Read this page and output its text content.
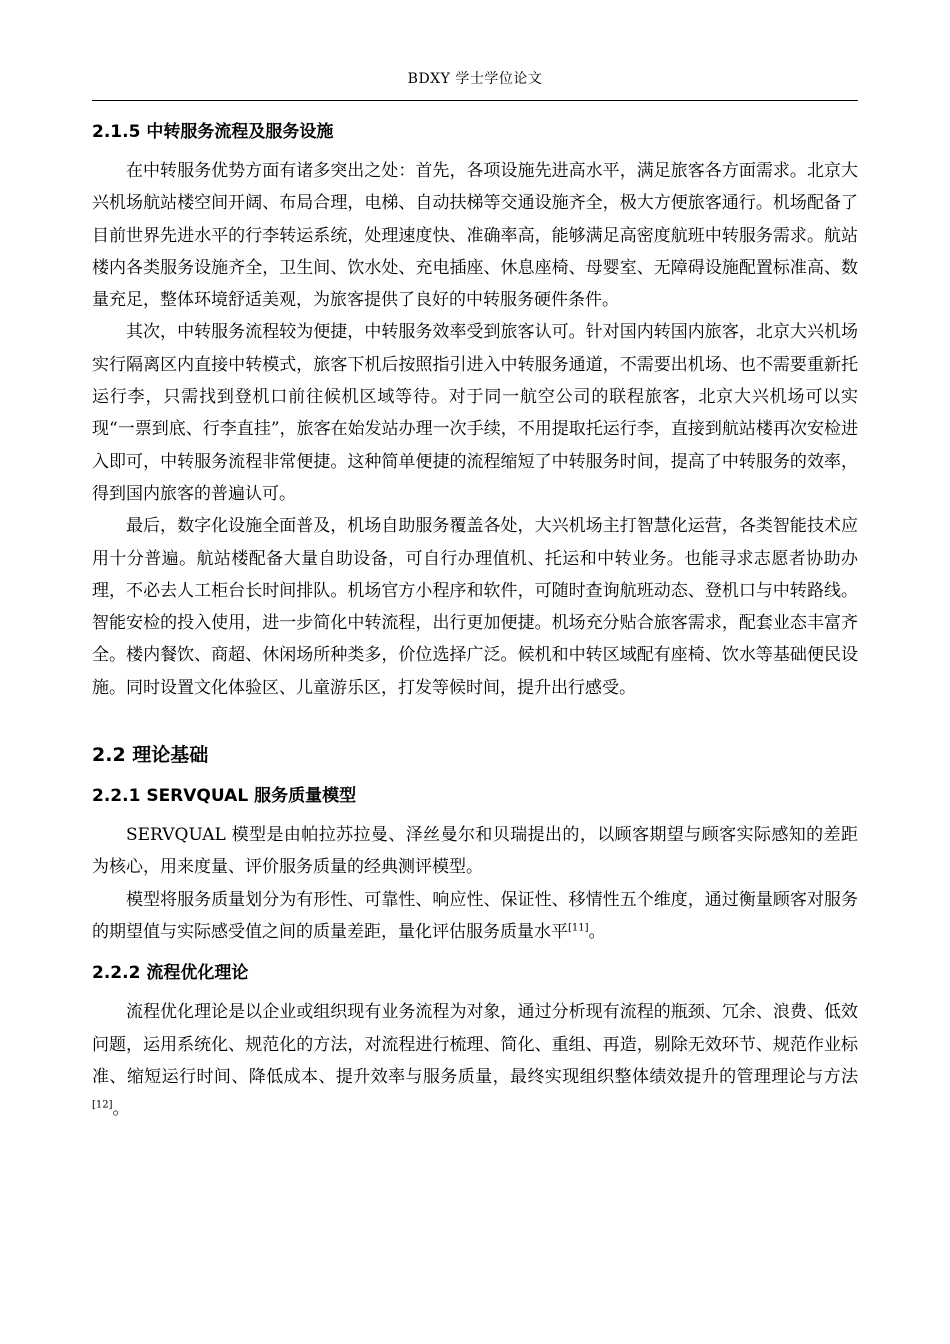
BDXY 学士学位论文
2.1.5 中转服务流程及服务设施

在中转服务优势方面有诸多突出之处：首先，各项设施先进高水平，满足旅客各方面需求。北京大兴机场航站楼空间开阔、布局合理，电梯、自动扶梯等交通设施齐全，极大方便旅客通行。机场配备了目前世界先进水平的行李转运系统，处理速度快、准确率高，能够满足高密度航班中转服务需求。航站楼内各类服务设施齐全，卫生间、饮水处、充电插座、休息座椅、母婴室、无障碍设施配置标准高、数量充足，整体环境舒适美观，为旅客提供了良好的中转服务硬件条件。

其次，中转服务流程较为便捷，中转服务效率受到旅客认可。针对国内转国内旅客，北京大兴机场实行隔离区内直接中转模式，旅客下机后按照指引进入中转服务通道，不需要出机场、也不需要重新托运行李，只需找到登机口前往候机区域等待。对于同一航空公司的联程旅客，北京大兴机场可以实现“一票到底、行李直挂”，旅客在始发站办理一次手续，不用提取托运行李，直接到航站楼再次安检进入即可，中转服务流程非常便捷。这种简单便捷的流程缩短了中转服务时间，提高了中转服务的效率，得到国内旅客的普遍认可。

最后，数字化设施全面普及，机场自助服务覆盖各处，大兴机场主打智慧化运营，各类智能技术应用十分普遍。航站楼配备大量自助设备，可自行办理值机、托运和中转业务。也能寻求志愿者协助办理，不必去人工柜台长时间排队。机场官方小程序和软件，可随时查询航班动态、登机口与中转路线。智能安检的投入使用，进一步简化中转流程，出行更加便捷。机场充分贴合旅客需求，配套业态丰富齐全。楼内餐饮、商超、休闲场所种类多，价位选择广泛。候机和中转区域配有座椅、饮水等基础便民设施。同时设置文化体验区、儿童游乐区，打发等候时间，提升出行感受。

2.2 理论基础
2.2.1 SERVQUAL 服务质量模型

SERVQUAL 模型是由帕拉苏拉曼、泽丝曼尔和贝瑞提出的，以顾客期望与顾客实际感知的差距为核心，用来度量、评价服务质量的经典测评模型。

模型将服务质量划分为有形性、可靠性、响应性、保证性、移情性五个维度，通过衡量顾客对服务的期望值与实际感受值之间的质量差距，量化评估服务质量水平[11]。

2.2.2 流程优化理论

流程优化理论是以企业或组织现有业务流程为对象，通过分析现有流程的瓶颈、冗余、浪费、低效问题，运用系统化、规范化的方法，对流程进行梳理、简化、重组、再造，剔除无效环节、规范作业标准、缩短运行时间、降低成本、提升效率与服务质量，最终实现组织整体绩效提升的管理理论与方法[12]。
